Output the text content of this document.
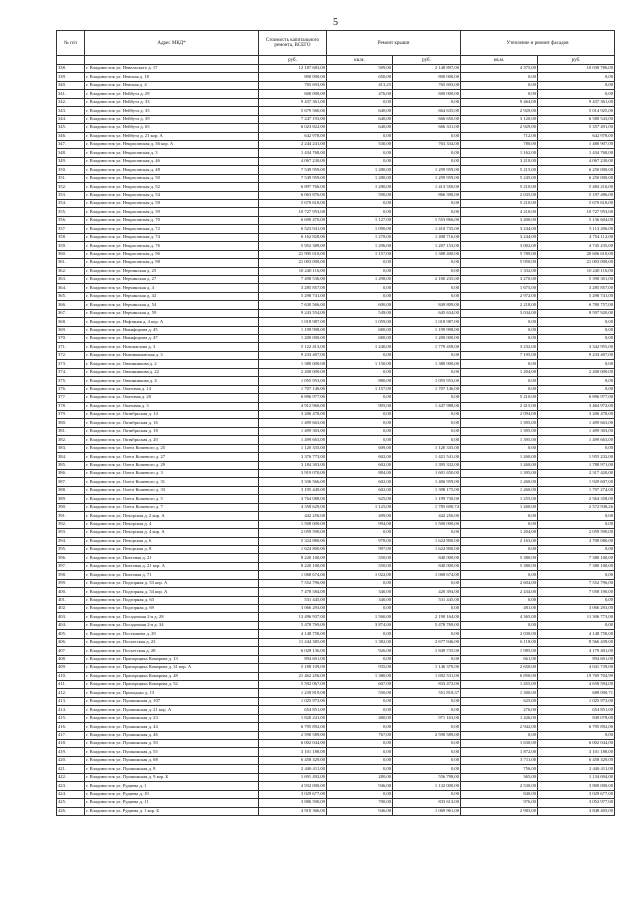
5
№ п/п	Адрес МКД*	Стоимость капитального ремонта, ВСЕГО	Ремонт крыши		Утепление и ремонт фасадов	
		руб.	кв.м.	руб.	кв.м.	руб.
338.	г. Владивосток ул. Невельского д. 17	12 187 683,00	509,00	2 148 897,00	4 375,00	10 038 786,00
339.	г. Владивосток ул. Невская д. 18	800 000,00	650,00	800 000,00	0,00	0,00
340.	г. Владивосток ул. Невская д. 4	765 693,00	413,25	765 693,00	0,00	0,00
341.	г. Владивосток ул. Нейбута д. 29	600 000,00	476,00	600 000,00	0,00	0,00
342.	г. Владивосток ул. Нейбута д. 33	9 437 361,00	0,00	0,00	9 464,00	9 437 361,00
343.	г. Владивосток ул. Нейбута д. 35	5 679 560,00	640,00	664 635,00	2 929,00	5 014 925,00
344.	г. Владивосток ул. Нейбута д. 39	7 247 193,00	640,00	666 650,00	3 120,00	6 580 543,00
345.	г. Владивосток ул. Нейбута д. 65	6 023 822,00	640,00	666 331,00	2 929,00	5 357 491,00
346.	г. Владивосток ул. Нейбута д. 21 кор. А	642 978,00	0,00	0,00	712,00	642 978,00
347.	г. Владивосток ул. Некрасовская д. 36 кор. А	2 244 241,00	530,00	763 334,00	780,00	1 480 907,00
348.	г. Владивосток ул. Некрасовская д. 3	1 434 768,00	0,00	0,00	1 162,00	1 434 768,00
349.	г. Владивосток ул. Некрасовская д. 46	4 067 230,00	0,00	0,00	3 210,00	4 067 230,00
350.	г. Владивосток ул. Некрасовская д. 48	7 549 959,00	1 280,00	1 299 959,00	5 215,00	6 250 000,00
351.	г. Владивосток ул. Некрасовская д. 50	7 549 959,00	1 280,00	1 299 959,00	5 245,00	6 250 000,00
352.	г. Владивосток ул. Некрасовская д. 52	6 897 766,00	1 280,00	1 413 550,00	5 210,00	5 484 216,00
353.	г. Владивосток ул. Некрасовская д. 54	6 063 876,00	590,00	866 390,00	2 035,00	5 197 486,00
354.	г. Владивосток ул. Некрасовская д. 58	5 670 618,00	0,00	0,00	5 210,00	5 670 618,00
355.	г. Владивосток ул. Некрасовская д. 59	10 727 953,00	0,00	0,00	4 210,00	10 727 953,00
356.	г. Владивосток ул. Некрасовская д. 70	6 690 470,00	1 127,00	1 553 866,00	3 400,00	5 136 604,00
357.	г. Владивосток ул. Некрасовская д. 72	6 523 941,00	1 090,00	1 410 735,00	3 244,00	5 113 206,00
358.	г. Владивосток ул. Некрасовская д. 74	6 162 828,00	1 278,00	1 408 716,00	3 244,00	4 754 112,00
359.	г. Владивосток ул. Некрасовская д. 76	5 952 389,00	1 296,00	1 207 153,00	3 002,00	4 745 235,00
360.	г. Владивосток ул. Некрасовская д. 96	21 995 010,00	1 157,00	1 388 400,00	5 789,00	20 606 610,00
361.	г. Владивосток ул. Некрасовская д. 98	21 003 000,00	0,00	0,00	5 950,00	21 003 000,00
362.	г. Владивосток ул. Нерчинская д. 25	10 240 116,00	0,00	0,00	1 332,00	10 240 116,00
363.	г. Владивосток ул. Нерчинская д. 27	7 498 536,00	1 298,00	2 100 235,00	3 270,00	5 398 301,00
364.	г. Владивосток ул. Нерчинская д. 4	3 285 857,00	0,00	0,00	1 675,00	3 285 857,00
365.	г. Владивосток ул. Нерчинская д. 42	5 298 741,00	0,00	0,00	2 972,00	5 298 741,00
366.	г. Владивосток ул. Нерчинская д. 54	7 630 566,00	600,00	849 809,00	2 218,00	6 780 757,00
367.	г. Владивосток ул. Нерчинская д. 59	9 243 554,00	549,00	645 634,00	3 034,00	8 597 920,00
368.	г. Владивосток ул. Нефтяная д. 4 кор. А	1 018 987,00	1 059,00	1 018 987,00	0,00	0,00
369.	г. Владивосток ул. Никифорова д. 45	1 199 998,00	680,00	1 199 998,00	0,00	0,00
370.	г. Владивосток ул. Никифорова д. 47	1 200 000,00	680,00	1 200 000,00	0,00	0,00
371.	г. Владивосток ул. Новожилова д. 3	5 122 413,00	1 240,00	1 779 458,00	3 232,00	3 342 955,00
372.	г. Владивосток ул. Новоивановская д. 3	9 233 407,00	0,00	0,00	7 195,00	9 233 407,00
373.	г. Владивосток ул. Овчинникова д. 2	1 380 000,00	1 150,00	1 380 000,00	0,00	0,00
374.	г. Владивосток ул. Овчинникова д. 22	2 200 000,00	0,00	0,00	1 204,00	2 200 000,00
375.	г. Владивосток ул. Овчинникова д. 4	1 055 953,00	880,00	1 055 953,00	0,00	0,00
376.	г. Владивосток ул. Окатовая д. 14	1 707 146,00	1 157,00	1 707 146,00	0,00	0,00
377.	г. Владивосток ул. Окатовая д. 20	6 896 977,00	0,00	0,00	5 210,00	6 896 977,00
378.	г. Владивосток ул. Окатовая д. 3	4 912 960,00	905,00	1 447 988,00	2 415,00	3 464 972,00
379.	г. Владивосток ул. Октябрьская д. 14	3 206 478,00	0,00	0,00	2 094,00	3 206 478,00
380.	г. Владивосток ул. Октябрьская д. 16	1 499 663,00	0,00	0,00	1 395,00	1 499 663,00
381.	г. Владивосток ул. Октябрьская д. 18	1 499 303,00	0,00	0,00	1 395,00	1 499 303,00
382.	г. Владивосток ул. Октябрьская д. 20	1 499 663,00	0,00	0,00	1 395,00	1 499 663,00
383.	г. Владивосток ул. Олега Кошевого д. 25	1 120 335,00	609,00	1 120 335,00	0,00	0,00
384.	г. Владивосток ул. Олега Кошевого д. 27	3 376 773,00	602,00	1 421 541,00	1 260,00	1 955 232,00
385.	г. Владивосток ул. Олега Кошевого д. 29	3 184 303,00	602,00	1 395 332,00	1 260,00	1 788 971,00
386.	г. Владивосток ул. Олега Кошевого д. 3	3 919 070,00	884,00	1 601 650,00	1 395,00	2 317 420,00
387.	г. Владивосток ул. Олега Кошевого д. 31	3 336 566,00	602,00	1 406 959,00	1 260,00	1 929 607,00
388.	г. Владивосток ул. Олега Кошевого д. 33	3 195 449,00	602,00	1 398 175,00	1 260,00	1 797 274,00
389.	г. Владивосток ул. Олега Кошевого д. 5	3 764 088,00	625,00	1 199 730,00	1 255,00	2 564 358,00
390.	г. Владивосток ул. Олега Кошевого д. 7	4 358 629,00	1 125,00	1 785 690,74	1 260,00	2 572 938,26
391.	г. Владивосток ул. Печорская д. 2 кор. А	442 256,00	409,00	442 256,00	0,00	0,00
392.	г. Владивосток ул. Печорская д. 4	1 500 000,00	994,00	1 500 000,00	0,00	0,00
393.	г. Владивосток ул. Печорская д. 4 кор. А	2 059 590,00	0,00	0,00	1 204,00	2 059 590,00
394.	г. Владивосток ул. Печорская д. 6	5 324 880,00	978,00	1 624 800,00	2 163,00	3 700 080,00
395.	г. Владивосток ул. Печорская д. 8	1 624 800,00	997,00	1 624 800,00	0,00	0,00
396.	г. Владивосток ул. Пихтовая д. 21	8 220 100,00	550,00	840 000,00	5 380,00	7 380 100,00
397.	г. Владивосток ул. Пихтовая д. 21 кор. А	8 220 100,00	550,00	840 000,00	5 380,00	7 380 100,00
398.	г. Владивосток ул. Пихтовая д. 71	1 068 674,00	1 022,00	1 068 674,00	0,00	0,00
399.	г. Владивосток ул. Подгорная д. 53 кор. А	7 552 796,00	0,00	0,00	2 604,00	7 552 796,00
400.	г. Владивосток ул. Подгорная д. 54 кор. А	7 478 584,00	340,00	420 394,00	2 434,00	7 058 190,00
401.	г. Владивосток ул. Подгорная д. 63	531 445,00	340,00	531 445,00	0,00	0,00
402.	г. Владивосток ул. Подгорная д. 69	3 066 293,00	0,00	0,00	481,00	3 066 293,00
403.	г. Владивосток ул. Посадочная 2-я д. 28	13 496 937,00	1 560,00	2 190 164,00	4 365,00	11 306 773,00
404.	г. Владивосток ул. Посадочная 2-я д. 34	5 478 769,00	3 874,00	5 478 769,00	0,00	0,00
405.	г. Владивосток ул. Постышева д. 29	4 148 758,00	0,00	0,00	2 030,00	4 148 758,00
406.	г. Владивосток ул. Посьетская д. 23	11 244 385,00	1 382,00	2 677 946,00	6 118,00	8 566 439,00
407.	г. Владивосток ул. Посьетская д. 28	6 029 136,00	926,00	1 849 735,00	1 985,00	4 179 401,00
408.	г. Владивосток ул. Прапорщика Комарова д. 13	894 601,00	0,00	0,00	661,00	894 601,00
409.	г. Владивосток ул. Прапорщика Комарова д. 31 кор. А	5 188 109,00	935,00	1 146 370,00	2 650,00	4 041 739,00
410.	г. Владивосток ул. Прапорщика Комарова д. 48	21 462 256,00	1 380,00	1 692 531,00	6 850,00	19 769 704,99
411.	г. Владивосток ул. Прапорщика Комарова д. 52	5 592 067,00	607,00	833 473,00	1 455,00	4 658 594,00
412.	г. Владивосток ул. Приходько д. 13	1 239 819,08	550,00	551 818,37	1 300,00	688 000,71
413.	г. Владивосток ул. Пушкинская д. 107	1 025 973,00	0,00	0,00	625,00	1 025 973,00
414.	г. Владивосток ул. Пушкинская д. 21 кор. А	654 851,00	0,00	0,00	276,00	654 851,00
415.	г. Владивосток ул. Пушкинская д. 23	1 820 241,00	480,00	971 163,00	1 426,00	849 078,00
416.	г. Владивосток ул. Пушкинская д. 44	6 795 892,00	0,00	0,00	2 942,00	6 795 892,00
417.	г. Владивосток ул. Пушкинская д. 46	2 590 589,00	767,00	2 590 589,00	0,00	0,00
418.	г. Владивосток ул. Пушкинская д. 50	6 002 044,00	0,00	0,00	1 630,00	6 002 044,00
419.	г. Владивосток ул. Пушкинская д. 55	3 101 188,00	0,00	0,00	1 872,00	3 101 188,00
420.	г. Владивосток ул. Пушкинская д. 68	6 458 329,00	0,00	0,00	3 711,00	6 458 329,00
421.	г. Владивосток ул. Пушкинская д. 8	2 446 411,00	0,00	0,00	756,00	2 446 411,00
422.	г. Владивосток ул. Пушкинская д. 9 кор. Б	1 691 492,00	280,00	556 798,00	365,00	1 134 694,00
423.	г. Владивосток ул. Руднева д. 1	4 932 000,00	946,00	1 132 000,00	2 530,00	3 800 000,00
424.	г. Владивосток ул. Руднева д. 10	3 029 677,00	0,00	0,00	840,00	3 029 677,00
425.	г. Владивосток ул. Руднева д. 11	3 886 590,00	700,00	833 613,00	976,00	3 052 977,00
426.	г. Владивосток ул. Руднева д. 1 кор. Б	4 918 366,00	946,00	1 069 961,00	2 983,00	3 848 405,00
